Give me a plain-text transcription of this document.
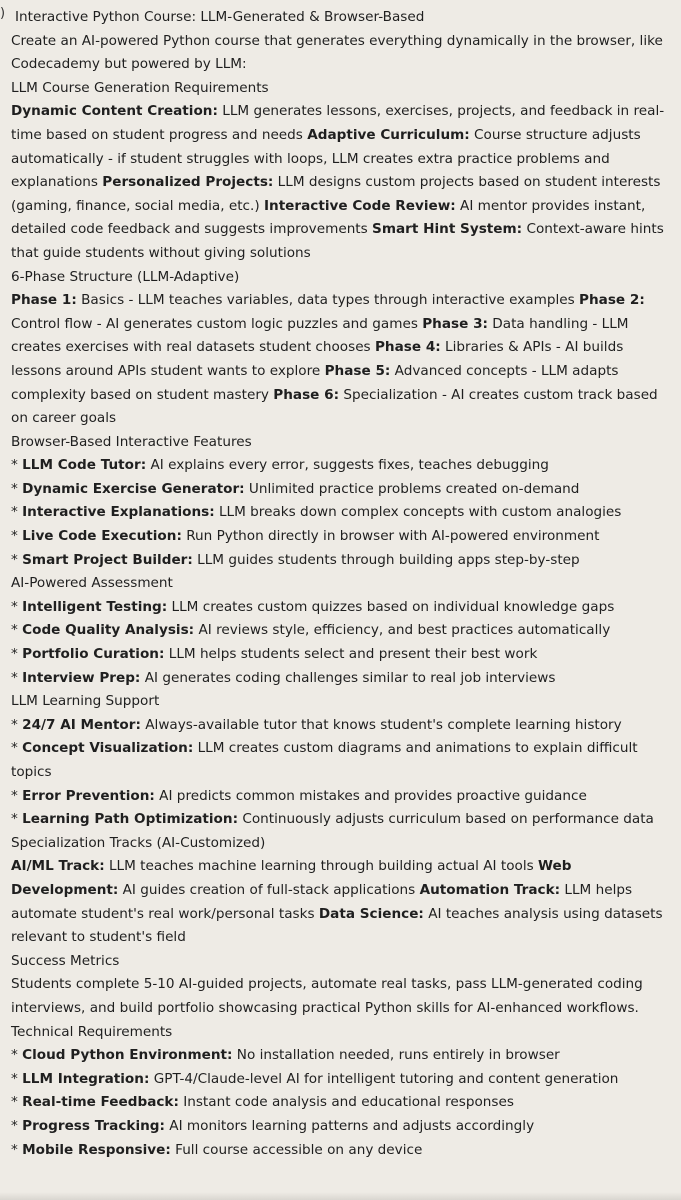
) Interactive Python Course: LLM-Generated & Browser-Based

Create an AI-powered Python course that generates everything dynamically in the browser, like Codecademy but powered by LLM:

LLM Course Generation Requirements

Dynamic Content Creation: LLM generates lessons, exercises, projects, and feedback in real-time based on student progress and needs Adaptive Curriculum: Course structure adjusts automatically - if student struggles with loops, LLM creates extra practice problems and explanations Personalized Projects: LLM designs custom projects based on student interests (gaming, finance, social media, etc.) Interactive Code Review: AI mentor provides instant, detailed code feedback and suggests improvements Smart Hint System: Context-aware hints that guide students without giving solutions

6-Phase Structure (LLM-Adaptive)

Phase 1: Basics - LLM teaches variables, data types through interactive examples Phase 2: Control flow - AI generates custom logic puzzles and games Phase 3: Data handling - LLM creates exercises with real datasets student chooses Phase 4: Libraries & APIs - AI builds lessons around APIs student wants to explore Phase 5: Advanced concepts - LLM adapts complexity based on student mastery Phase 6: Specialization - AI creates custom track based on career goals

Browser-Based Interactive Features

* LLM Code Tutor: AI explains every error, suggests fixes, teaches debugging

* Dynamic Exercise Generator: Unlimited practice problems created on-demand

* Interactive Explanations: LLM breaks down complex concepts with custom analogies

* Live Code Execution: Run Python directly in browser with AI-powered environment

* Smart Project Builder: LLM guides students through building apps step-by-step

AI-Powered Assessment

* Intelligent Testing: LLM creates custom quizzes based on individual knowledge gaps

* Code Quality Analysis: AI reviews style, efficiency, and best practices automatically

* Portfolio Curation: LLM helps students select and present their best work

* Interview Prep: AI generates coding challenges similar to real job interviews

LLM Learning Support

* 24/7 AI Mentor: Always-available tutor that knows student's complete learning history

* Concept Visualization: LLM creates custom diagrams and animations to explain difficult topics

* Error Prevention: AI predicts common mistakes and provides proactive guidance

* Learning Path Optimization: Continuously adjusts curriculum based on performance data

Specialization Tracks (AI-Customized)

AI/ML Track: LLM teaches machine learning through building actual AI tools Web Development: AI guides creation of full-stack applications Automation Track: LLM helps automate student's real work/personal tasks Data Science: AI teaches analysis using datasets relevant to student's field

Success Metrics

Students complete 5-10 AI-guided projects, automate real tasks, pass LLM-generated coding interviews, and build portfolio showcasing practical Python skills for AI-enhanced workflows.

Technical Requirements

* Cloud Python Environment: No installation needed, runs entirely in browser

* LLM Integration: GPT-4/Claude-level AI for intelligent tutoring and content generation

* Real-time Feedback: Instant code analysis and educational responses

* Progress Tracking: AI monitors learning patterns and adjusts accordingly

* Mobile Responsive: Full course accessible on any device
